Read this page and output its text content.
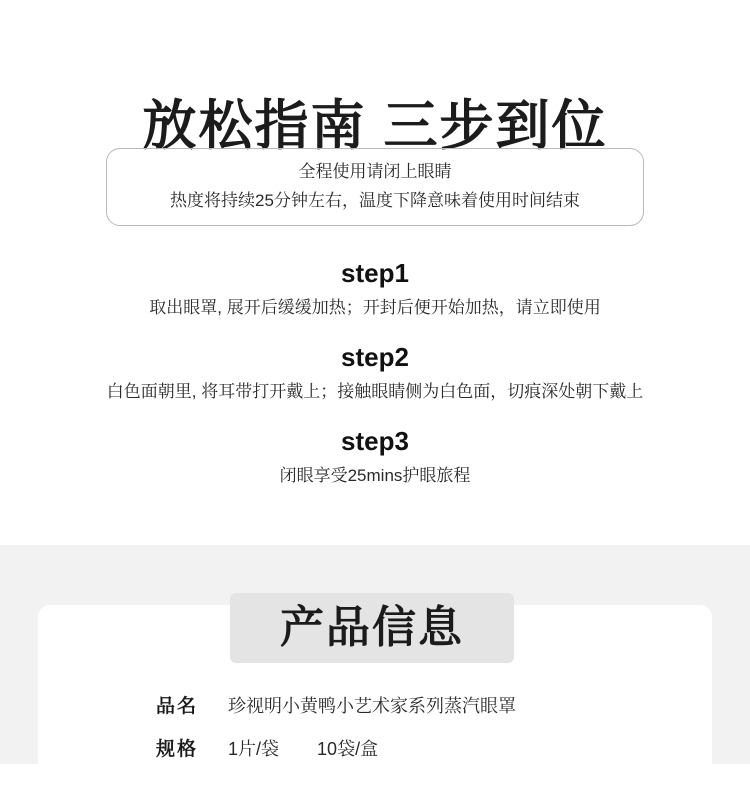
放松指南 三步到位
全程使用请闭上眼睛
热度将持续25分钟左右，温度下降意味着使用时间结束
step1
取出眼罩, 展开后缓缓加热；开封后便开始加热，请立即使用
step2
白色面朝里, 将耳带打开戴上；接触眼睛侧为白色面，切痕深处朝下戴上
step3
闭眼享受25mins护眼旅程
产品信息
品名	珍视明小黄鸭小艺术家系列蒸汽眼罩
规格	1片/袋 10袋/盒
